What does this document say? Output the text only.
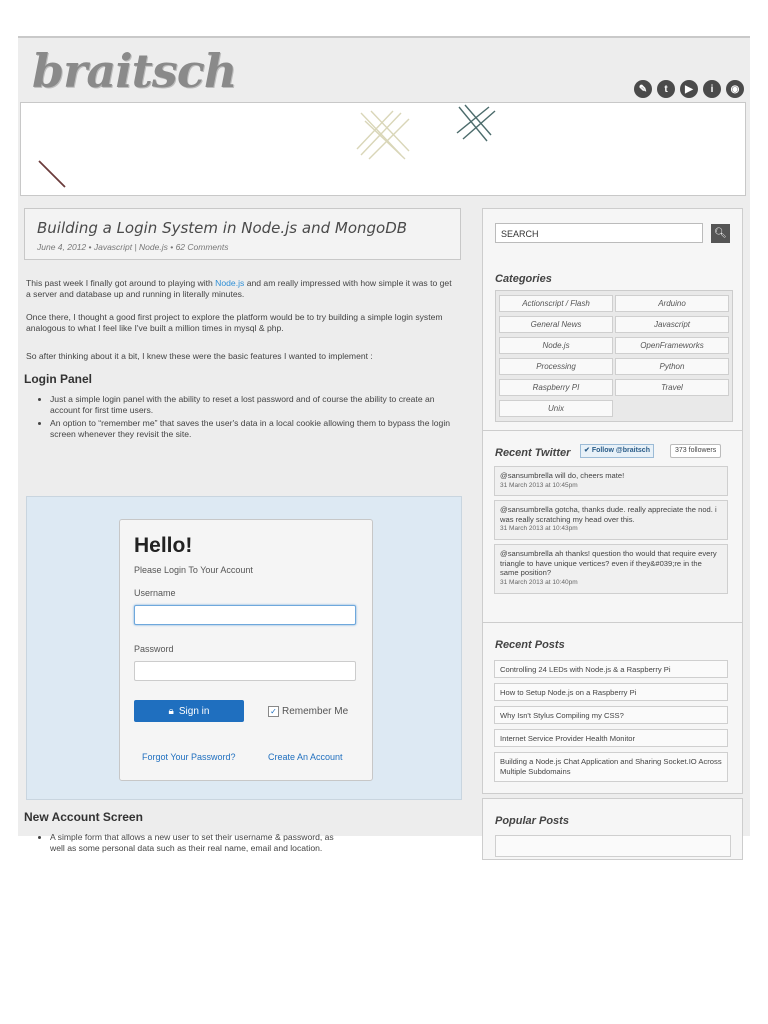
braitsch	✎	t	▶	i	◉
Building a Login System in Node.js and MongoDB
June 4, 2012 • Javascript | Node.js • 62 Comments
This past week I finally got around to playing with Node.js and am really impressed with how simple it was to get a server and database up and running in literally minutes.
Once there, I thought a good first project to explore the platform would be to try building a simple login system analogous to what I feel like I've built a million times in mysql & php.
So after thinking about it a bit, I knew these were the basic features I wanted to implement :
Login Panel
• Just a simple login panel with the ability to reset a lost password and of course the ability to create an account for first time users.
• An option to “remember me” that saves the user's data in a local cookie allowing them to bypass the login screen whenever they revisit the site.
Hello!
Please Login To Your Account
Username
Password
🔒︎ Sign in	✓ Remember Me
Forgot Your Password?	Create An Account
New Account Screen
• A simple form that allows a new user to set their username & password, as well as some personal data such as their real name, email and location.
SEARCH	🔍︎
Categories
Actionscript / Flash	Arduino
General News	Javascript
Node.js	OpenFrameworks
Processing	Python
Raspberry PI	Travel
Unix
Recent Twitter	✔ Follow @braitsch	373 followers
@sansumbrella will do, cheers mate!
31 March 2013 at 10:45pm
@sansumbrella gotcha, thanks dude. really appreciate the nod. i was really scratching my head over this.
31 March 2013 at 10:43pm
@sansumbrella ah thanks! question tho would that require every triangle to have unique vertices? even if they&#039;re in the same position?
31 March 2013 at 10:40pm
Recent Posts
Controlling 24 LEDs with Node.js & a Raspberry Pi
How to Setup Node.js on a Raspberry Pi
Why Isn't Stylus Compiling my CSS?
Internet Service Provider Health Monitor
Building a Node.js Chat Application and Sharing Socket.IO Across Multiple Subdomains
Popular Posts
